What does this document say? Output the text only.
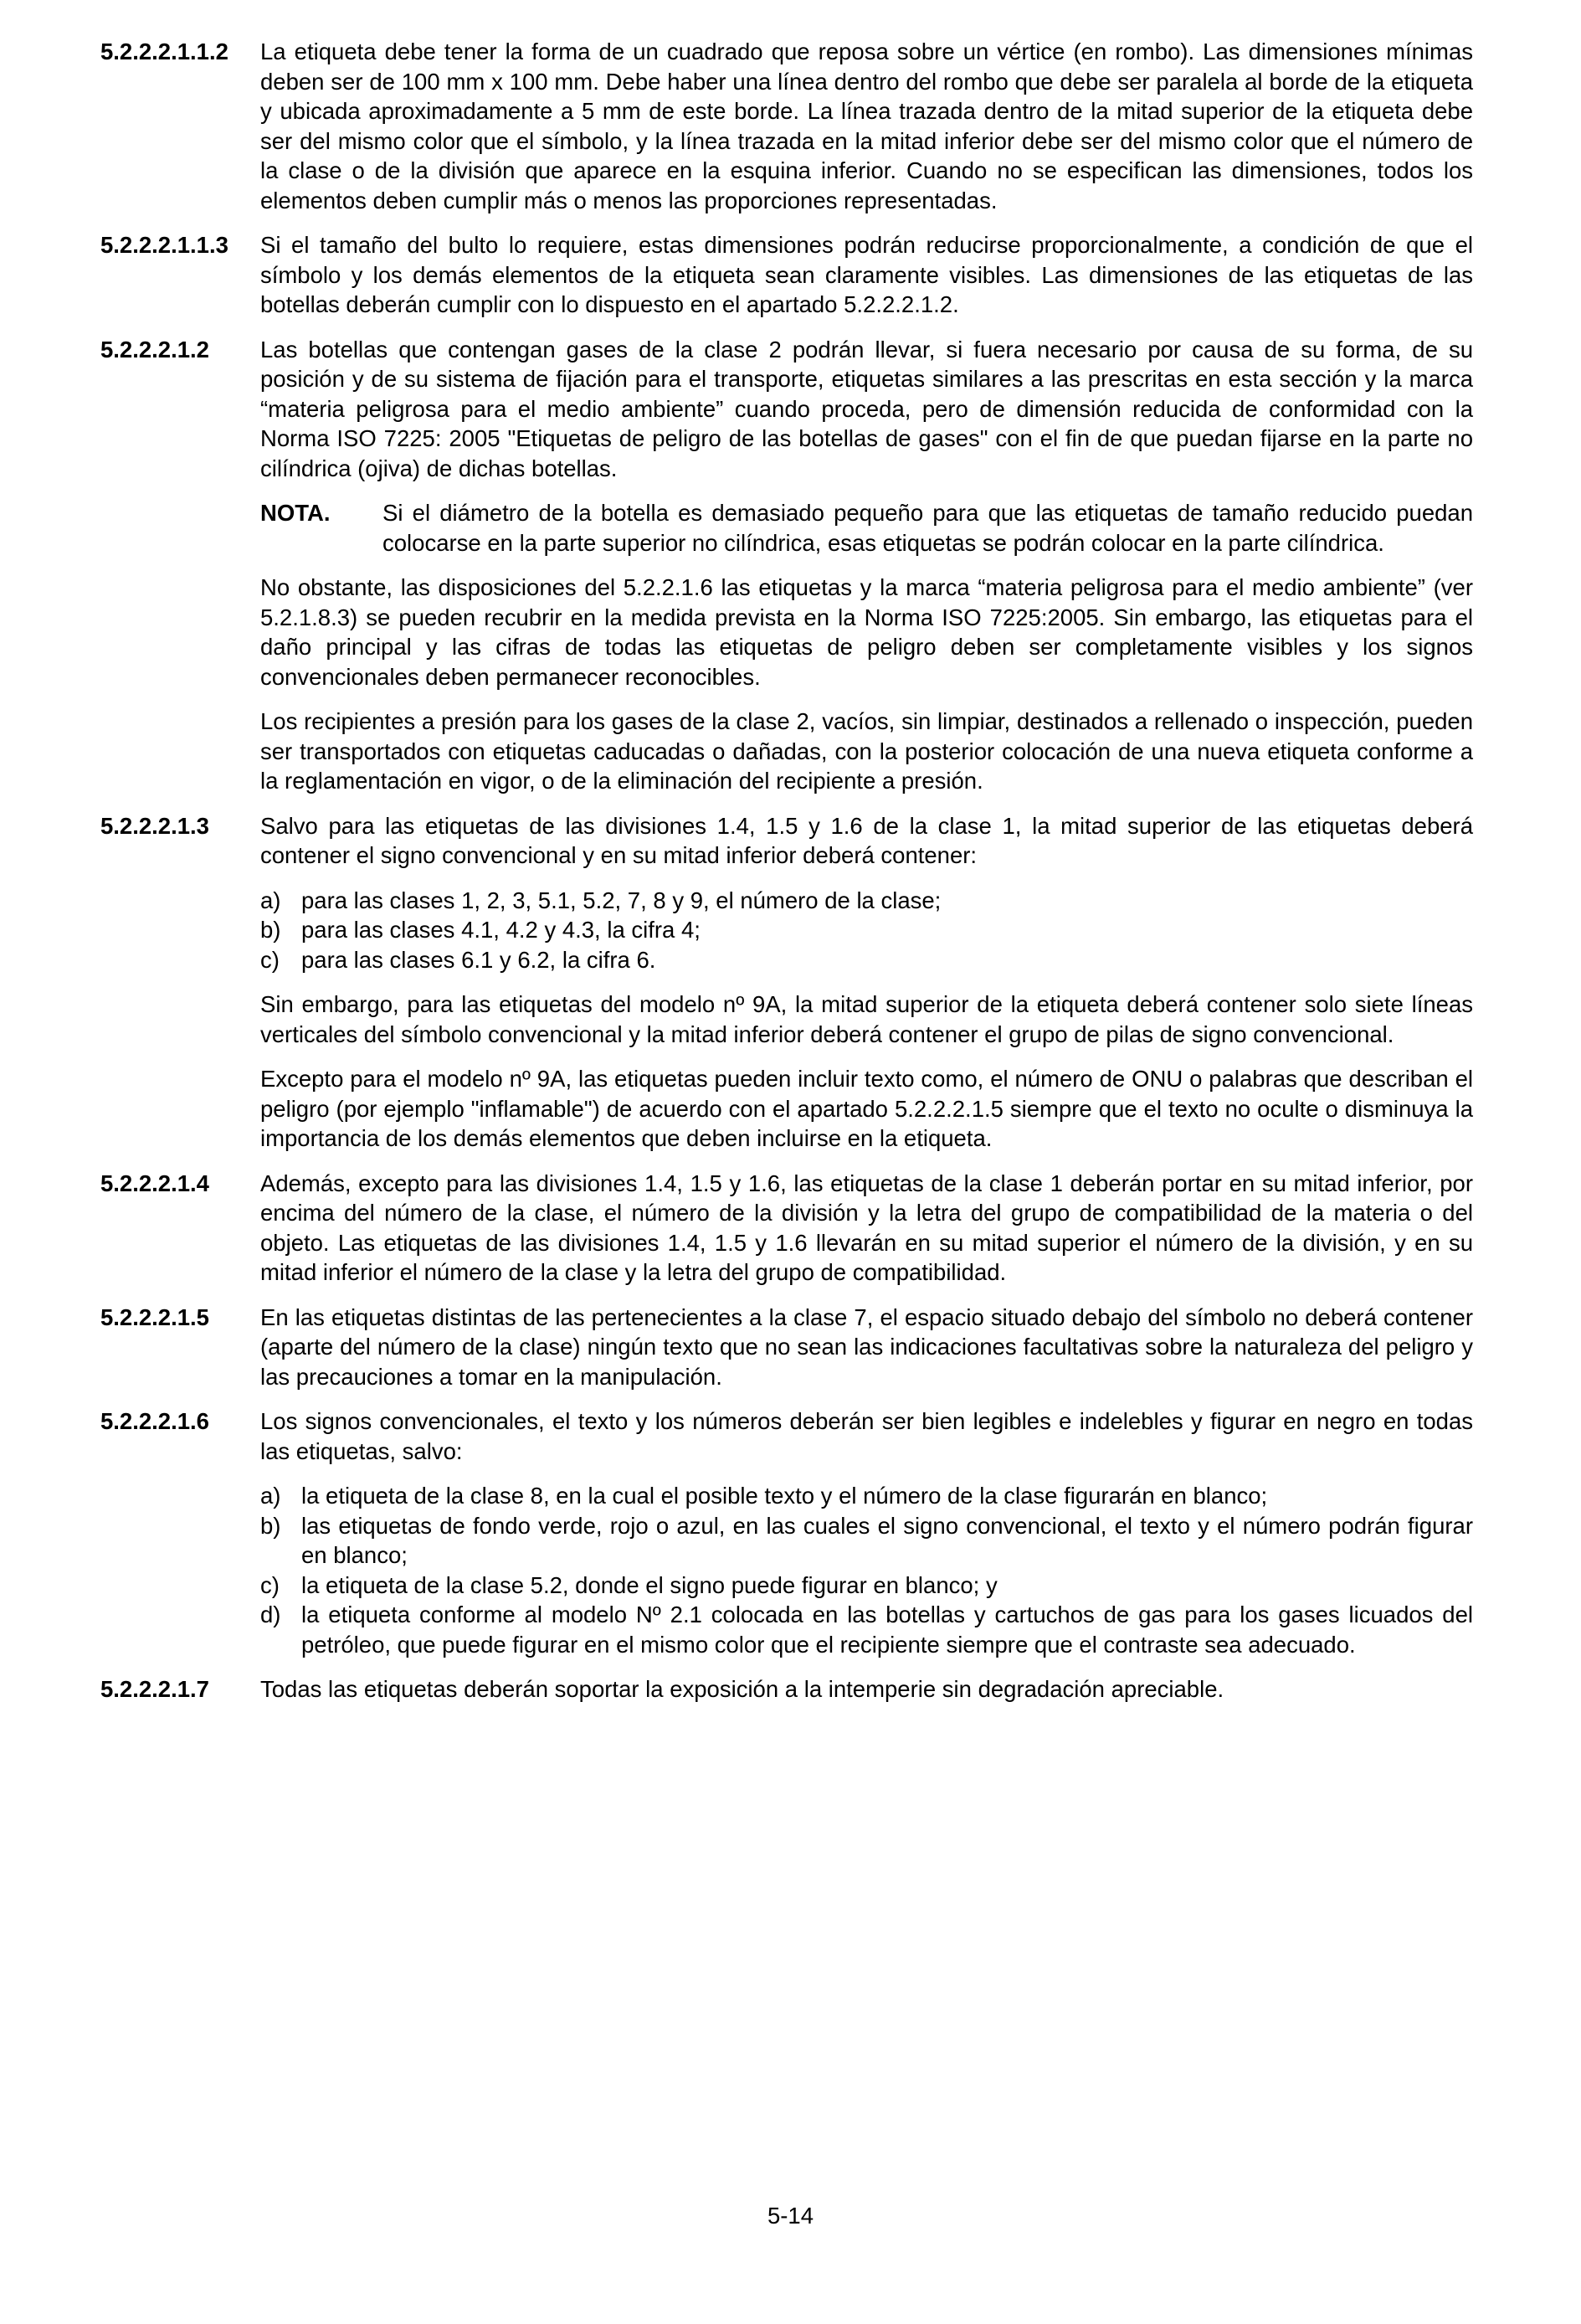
5.2.2.2.1.1.2	La etiqueta debe tener la forma de un cuadrado que reposa sobre un vértice (en rombo). Las dimensiones mínimas deben ser de 100 mm x 100 mm. Debe haber una línea dentro del rombo que debe ser paralela al borde de la etiqueta y ubicada aproximadamente a 5 mm de este borde. La línea trazada dentro de la mitad superior de la etiqueta debe ser del mismo color que el símbolo, y la línea trazada en la mitad inferior debe ser del mismo color que el número de la clase o de la división que aparece en la esquina inferior. Cuando no se especifican las dimensiones, todos los elementos deben cumplir más o menos las proporciones representadas.

5.2.2.2.1.1.3	Si el tamaño del bulto lo requiere, estas dimensiones podrán reducirse proporcionalmente, a condición de que el símbolo y los demás elementos de la etiqueta sean claramente visibles. Las dimensiones de las etiquetas de las botellas deberán cumplir con lo dispuesto en el apartado 5.2.2.2.1.2.

5.2.2.2.1.2	Las botellas que contengan gases de la clase 2 podrán llevar, si fuera necesario por causa de su forma, de su posición y de su sistema de fijación para el transporte, etiquetas similares a las prescritas en esta sección y la marca “materia peligrosa para el medio ambiente” cuando proceda, pero de dimensión reducida de conformidad con la Norma ISO 7225: 2005 "Etiquetas de peligro de las botellas de gases" con el fin de que puedan fijarse en la parte no cilíndrica (ojiva) de dichas botellas.

NOTA.	Si el diámetro de la botella es demasiado pequeño para que las etiquetas de tamaño reducido puedan colocarse en la parte superior no cilíndrica, esas etiquetas se podrán colocar en la parte cilíndrica.

No obstante, las disposiciones del 5.2.2.1.6 las etiquetas y la marca “materia peligrosa para el medio ambiente” (ver 5.2.1.8.3) se pueden recubrir en la medida prevista en la Norma ISO 7225:2005. Sin embargo, las etiquetas para el daño principal y las cifras de todas las etiquetas de peligro deben ser completamente visibles y los signos convencionales deben permanecer reconocibles.

Los recipientes a presión para los gases de la clase 2, vacíos, sin limpiar, destinados a rellenado o inspección, pueden ser transportados con etiquetas caducadas o dañadas, con la posterior colocación de una nueva etiqueta conforme a la reglamentación en vigor, o de la eliminación del recipiente a presión.

5.2.2.2.1.3	Salvo para las etiquetas de las divisiones 1.4, 1.5 y 1.6 de la clase 1, la mitad superior de las etiquetas deberá contener el signo convencional y en su mitad inferior deberá contener:

a) para las clases 1, 2, 3, 5.1, 5.2, 7, 8 y 9, el número de la clase;
b) para las clases 4.1, 4.2 y 4.3, la cifra 4;
c) para las clases 6.1 y 6.2, la cifra 6.

Sin embargo, para las etiquetas del modelo nº 9A, la mitad superior de la etiqueta deberá contener solo siete líneas verticales del símbolo convencional y la mitad inferior deberá contener el grupo de pilas de signo convencional.

Excepto para el modelo nº 9A, las etiquetas pueden incluir texto como, el número de ONU o palabras que describan el peligro (por ejemplo "inflamable") de acuerdo con el apartado 5.2.2.2.1.5 siempre que el texto no oculte o disminuya la importancia de los demás elementos que deben incluirse en la etiqueta.

5.2.2.2.1.4	Además, excepto para las divisiones 1.4, 1.5 y 1.6, las etiquetas de la clase 1 deberán portar en su mitad inferior, por encima del número de la clase, el número de la división y la letra del grupo de compatibilidad de la materia o del objeto. Las etiquetas de las divisiones 1.4, 1.5 y 1.6 llevarán en su mitad superior el número de la división, y en su mitad inferior el número de la clase y la letra del grupo de compatibilidad.

5.2.2.2.1.5	En las etiquetas distintas de las pertenecientes a la clase 7, el espacio situado debajo del símbolo no deberá contener (aparte del número de la clase) ningún texto que no sean las indicaciones facultativas sobre la naturaleza del peligro y las precauciones a tomar en la manipulación.

5.2.2.2.1.6	Los signos convencionales, el texto y los números deberán ser bien legibles e indelebles y figurar en negro en todas las etiquetas, salvo:

a) la etiqueta de la clase 8, en la cual el posible texto y el número de la clase figurarán en blanco;
b) las etiquetas de fondo verde, rojo o azul, en las cuales el signo convencional, el texto y el número podrán figurar en blanco;
c) la etiqueta de la clase 5.2, donde el signo puede figurar en blanco; y
d) la etiqueta conforme al modelo Nº 2.1 colocada en las botellas y cartuchos de gas para los gases licuados del petróleo, que puede figurar en el mismo color que el recipiente siempre que el contraste sea adecuado.
5.2.2.2.1.7	Todas las etiquetas deberán soportar la exposición a la intemperie sin degradación apreciable.

5-14
